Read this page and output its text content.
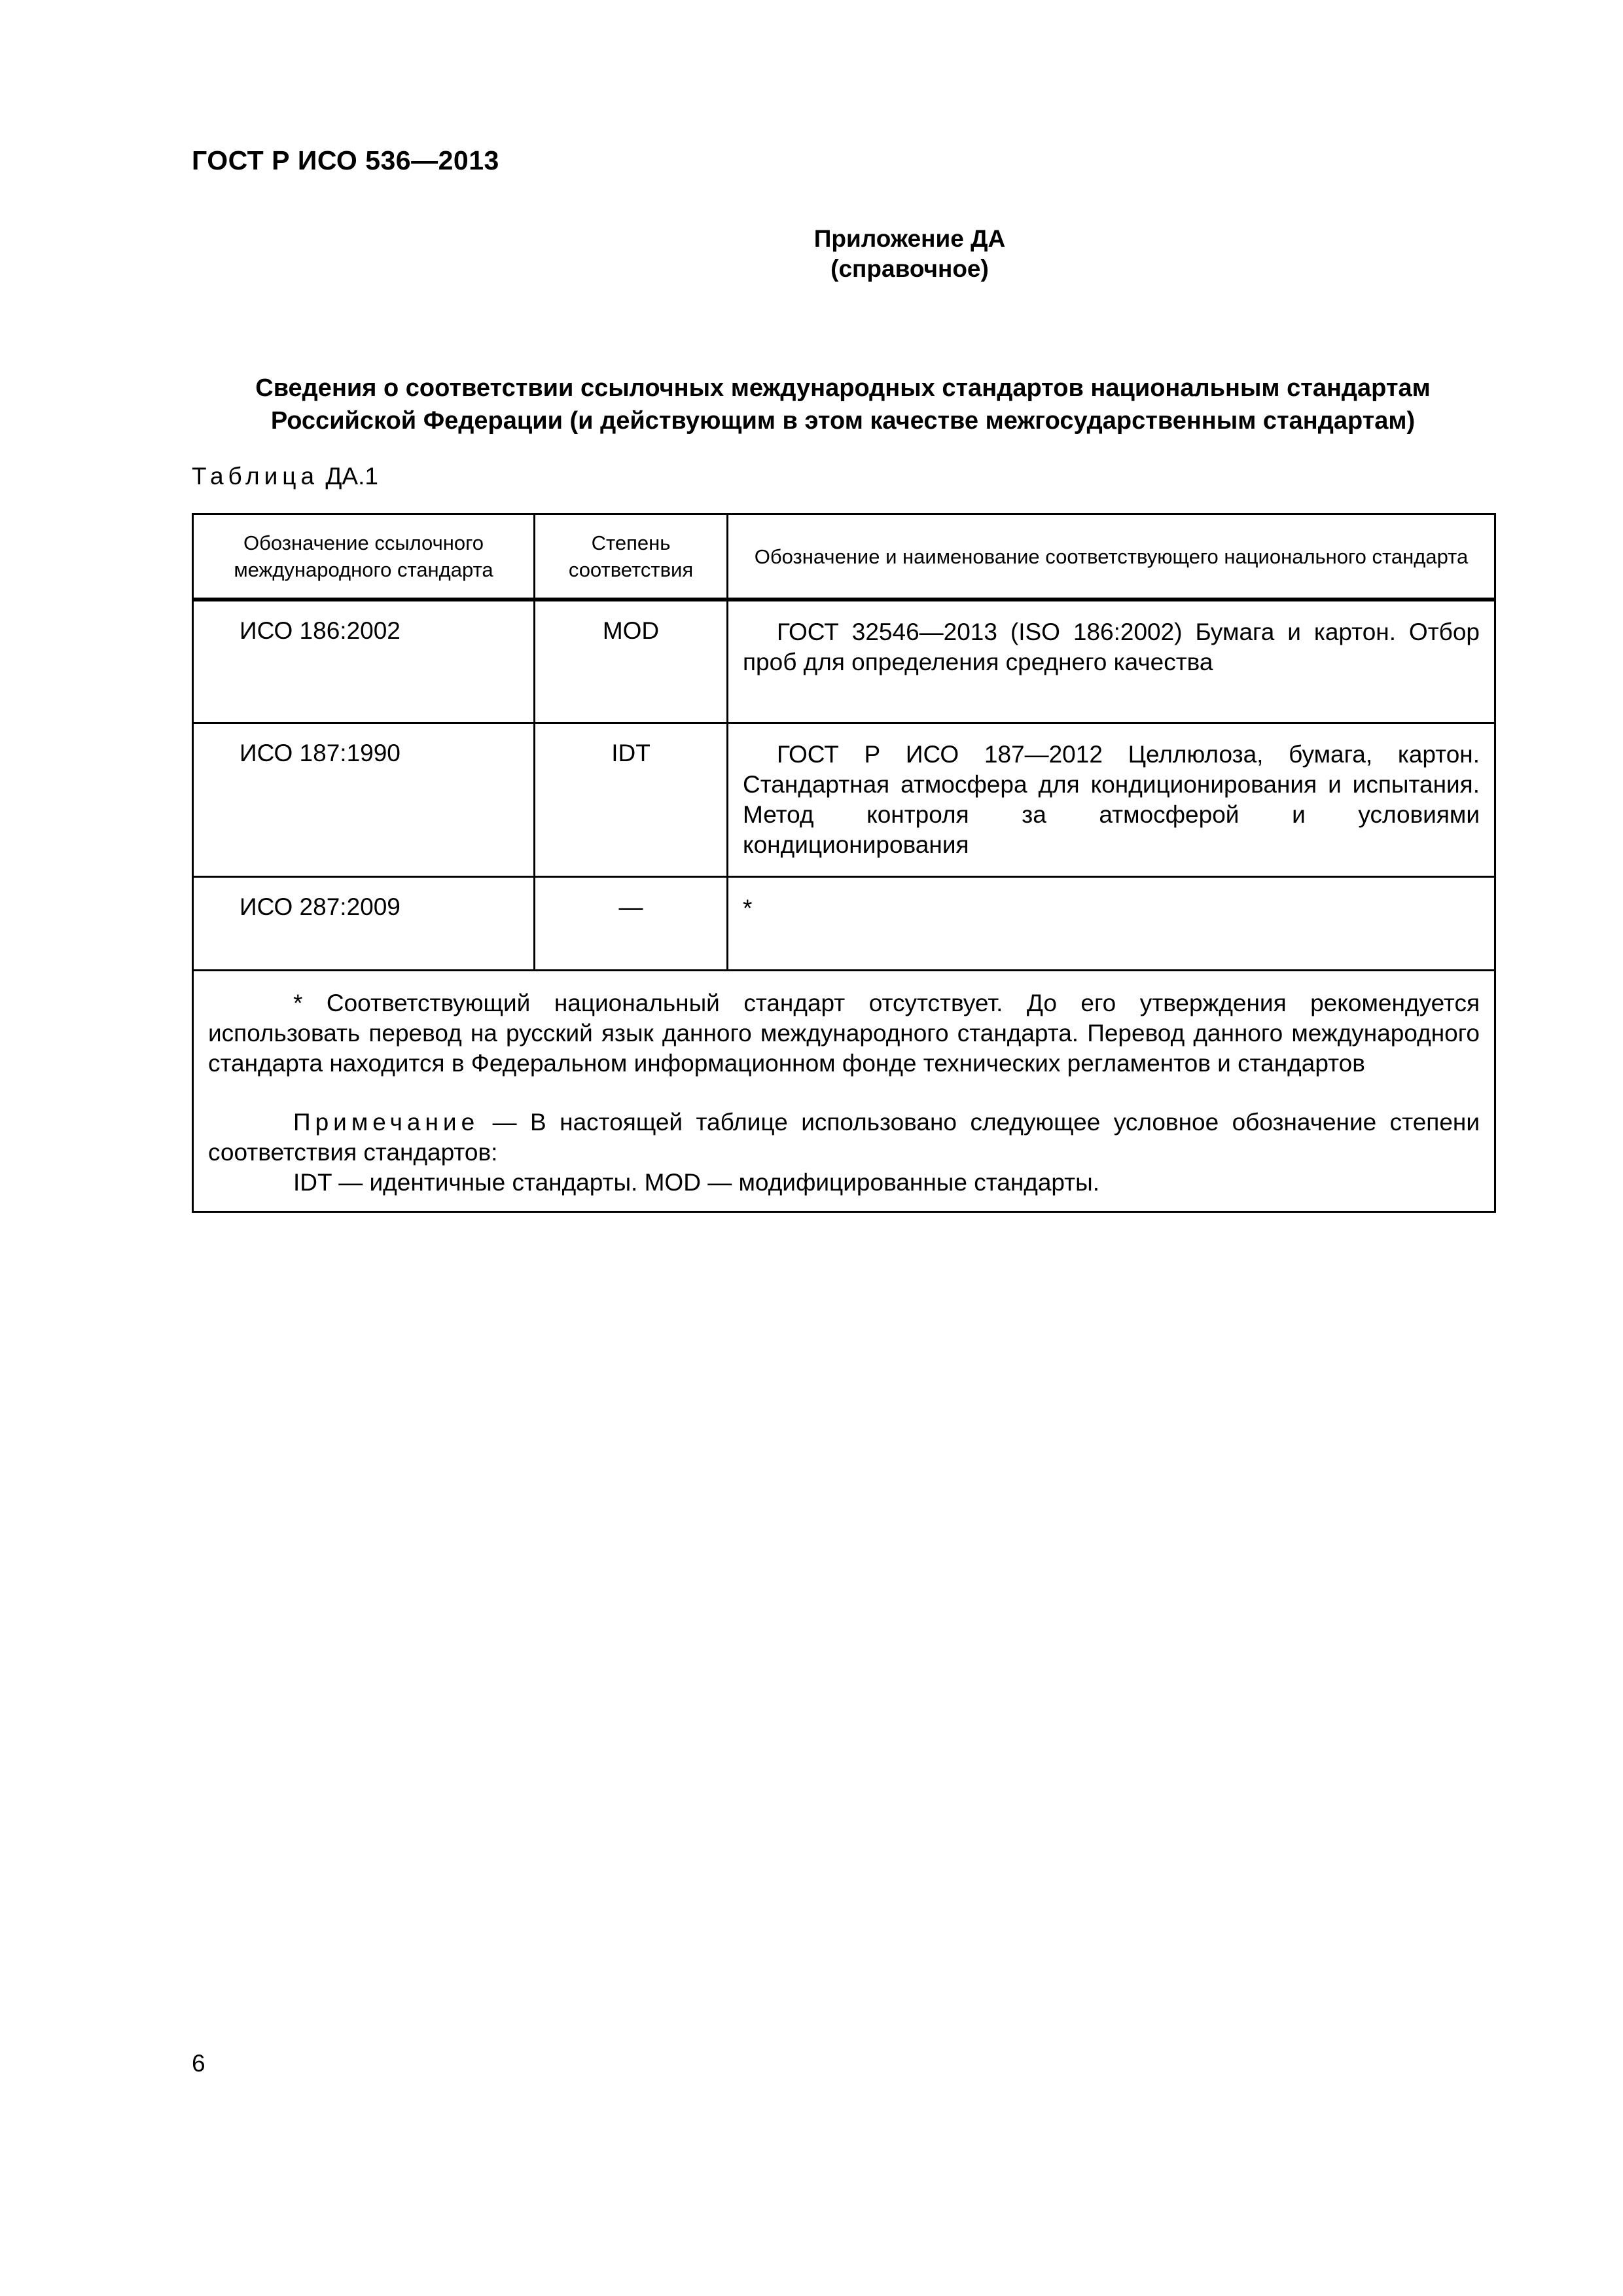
ГОСТ Р ИСО 536—2013
Приложение ДА
(справочное)
Сведения о соответствии ссылочных международных стандартов национальным стандартам
Российской Федерации (и действующим в этом качестве межгосударственным стандартам)
Таблица ДА.1
Обозначение ссылочного международного стандарта	Степень соответствия	Обозначение и наименование соответствующего национального стандарта
ИСО 186:2002	MOD	ГОСТ 32546—2013 (ISO 186:2002) Бумага и картон. Отбор проб для определения среднего качества
ИСО 187:1990	IDT	ГОСТ Р ИСО 187—2012 Целлюлоза, бумага, картон. Стандартная атмосфера для кондиционирования и испытания. Метод контроля за атмосферой и условиями кондиционирования
ИСО 287:2009	—	*

* Соответствующий национальный стандарт отсутствует. До его утверждения рекомендуется использовать перевод на русский язык данного международного стандарта. Перевод данного международного стандарта находится в Федеральном информационном фонде технических регламентов и стандартов

Примечание — В настоящей таблице использовано следующее условное обозначение степени соответствия стандартов:

IDT — идентичные стандарты. MOD — модифицированные стандарты.		

6
